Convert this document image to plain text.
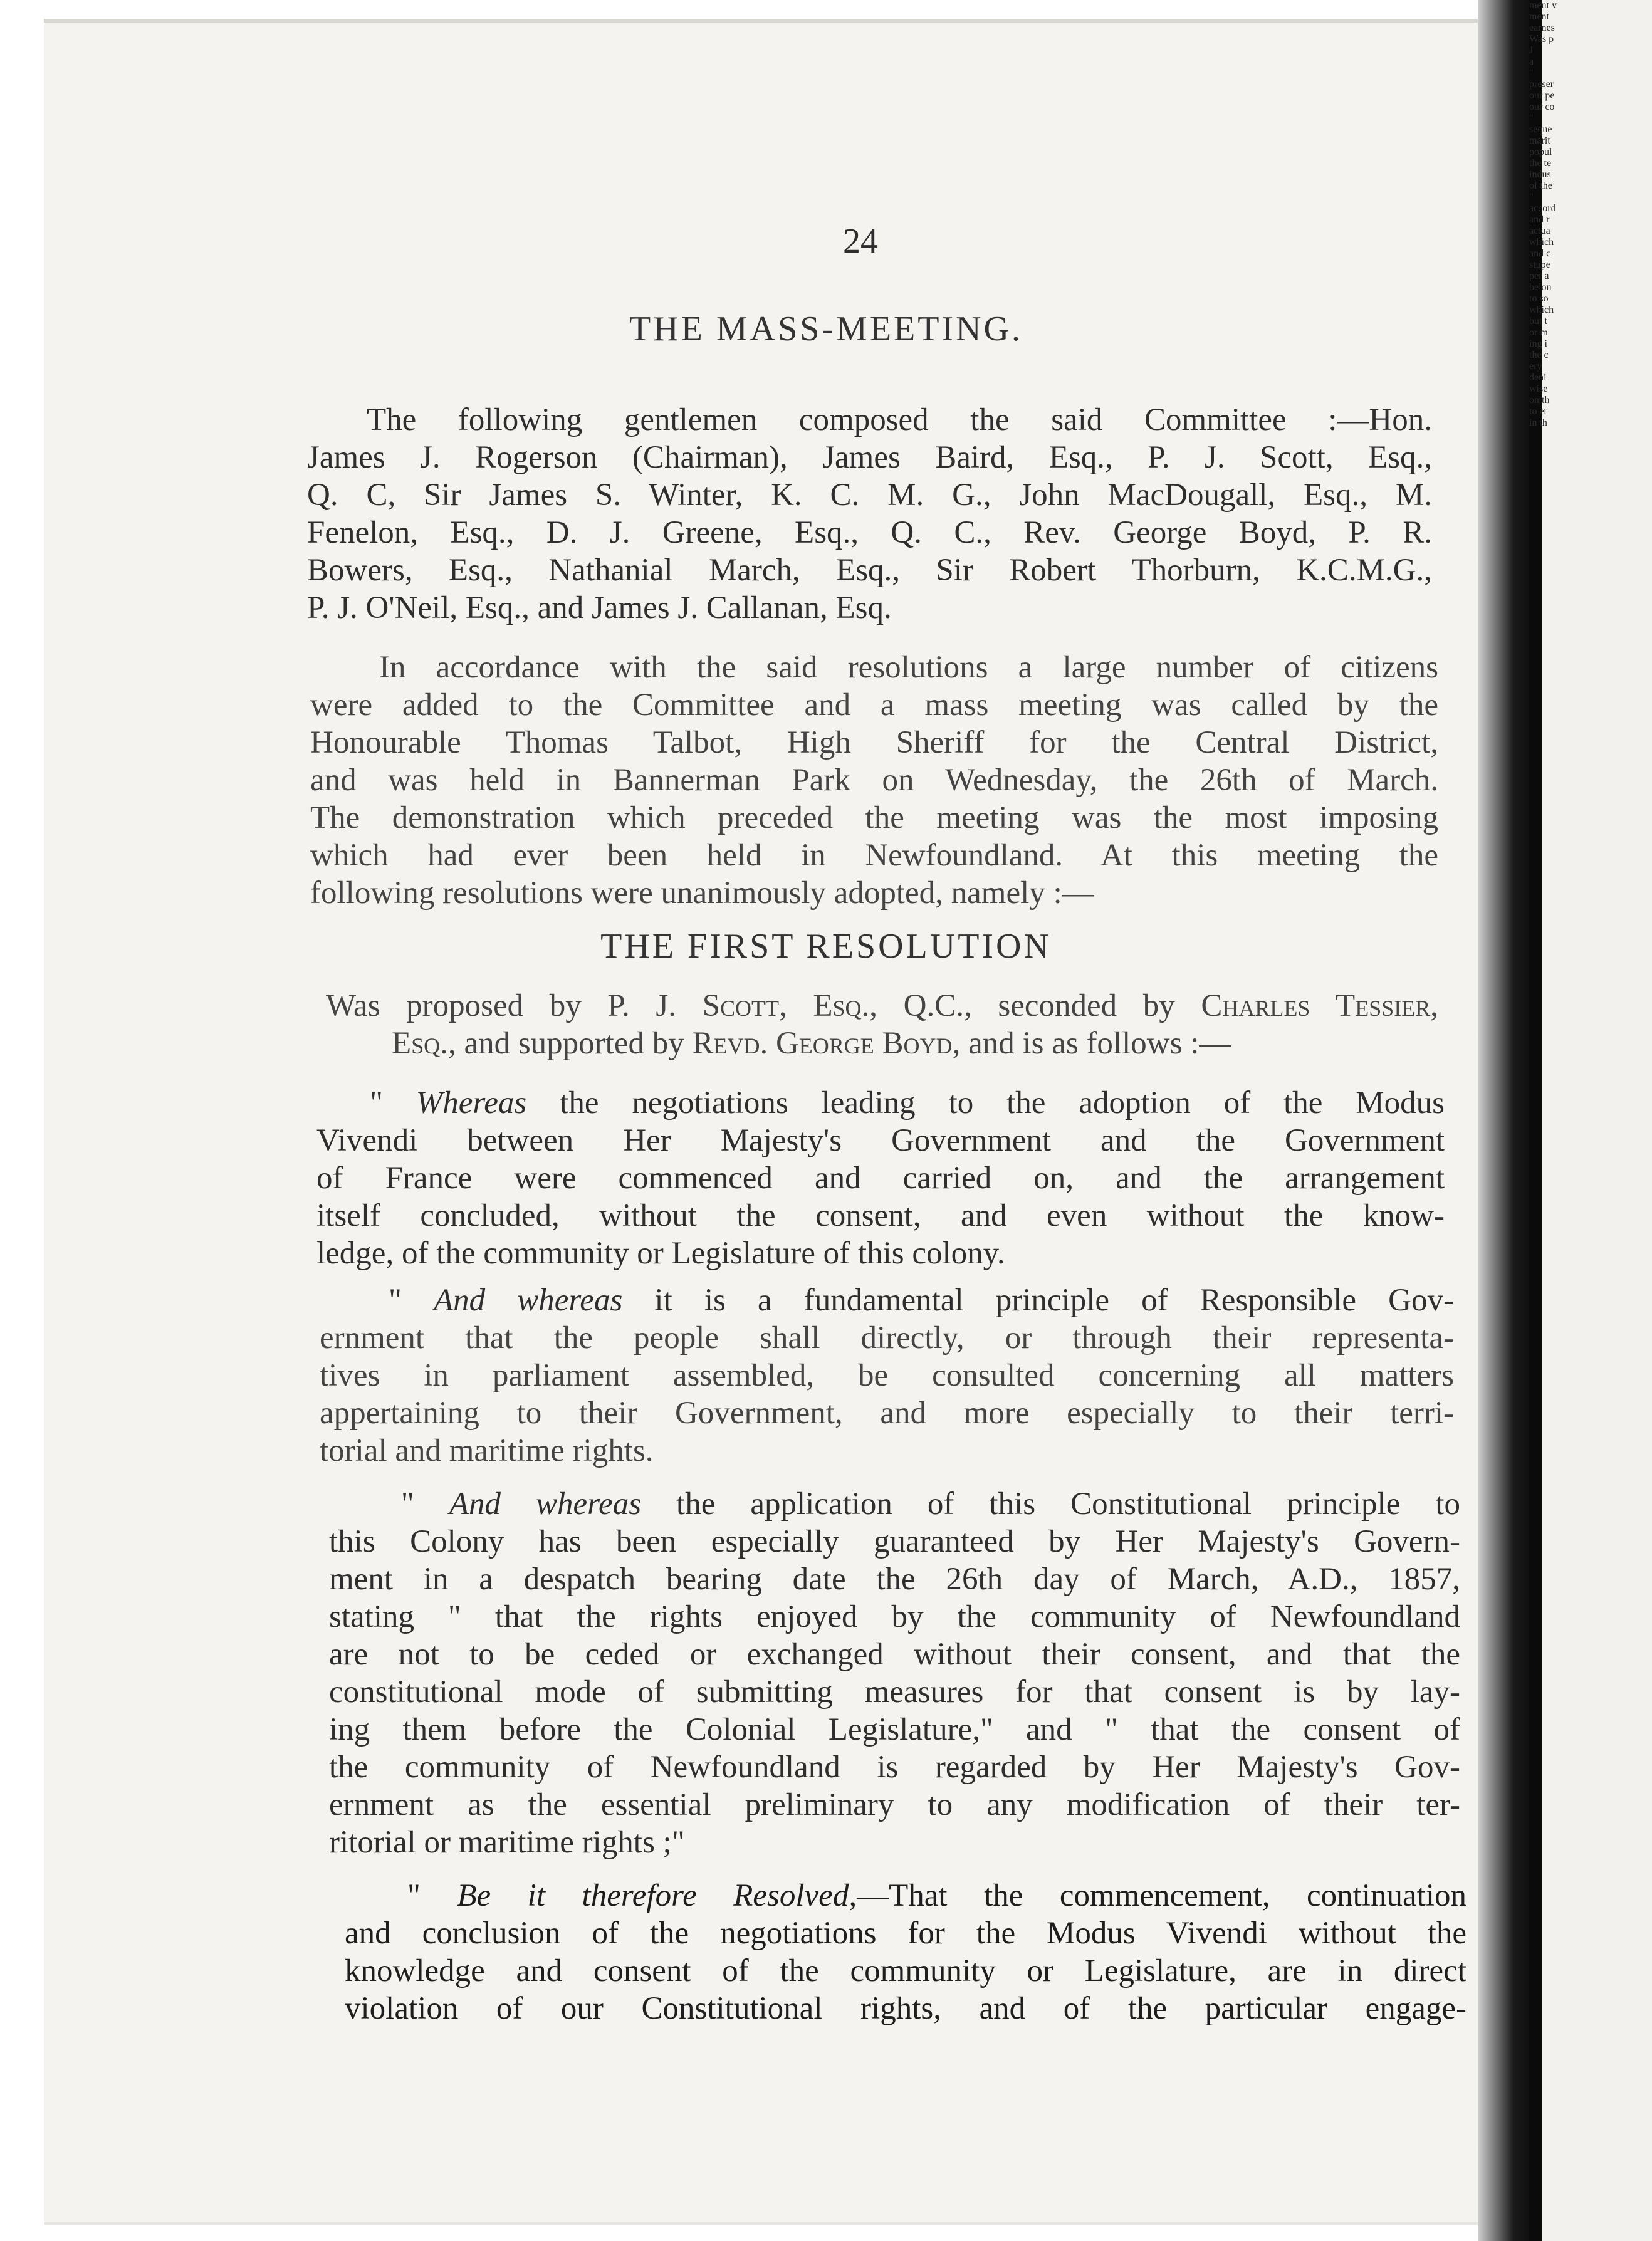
24

THE MASS-MEETING.

The following gentlemen composed the said Committee :—Hon.

James J. Rogerson (Chairman), James Baird, Esq., P. J. Scott, Esq.,

Q. C, Sir James S. Winter, K. C. M. G., John MacDougall, Esq., M.

Fenelon, Esq., D. J. Greene, Esq., Q. C., Rev. George Boyd, P. R.

Bowers, Esq., Nathanial March, Esq., Sir Robert Thorburn, K.C.M.G.,

P. J. O'Neil, Esq., and James J. Callanan, Esq.

In accordance with the said resolutions a large number of citizens

were added to the Committee and a mass meeting was called by the

Honourable Thomas Talbot, High Sheriff for the Central District,

and was held in Bannerman Park on Wednesday, the 26th of March.

The demonstration which preceded the meeting was the most imposing

which had ever been held in Newfoundland. At this meeting the

following resolutions were unanimously adopted, namely :—

THE FIRST RESOLUTION

Was proposed by P. J. Scott, Esq., Q.C., seconded by Charles Tessier,

Esq., and supported by Revd. George Boyd, and is as follows :—

" Whereas the negotiations leading to the adoption of the Modus

Vivendi between Her Majesty's Government and the Government

of France were commenced and carried on, and the arrangement

itself concluded, without the consent, and even without the know-

ledge, of the community or Legislature of this colony.

" And whereas it is a fundamental principle of Responsible Gov-

ernment that the people shall directly, or through their representa-

tives in parliament assembled, be consulted concerning all matters

appertaining to their Government, and more especially to their terri-

torial and maritime rights.

" And whereas the application of this Constitutional principle to

this Colony has been especially guaranteed by Her Majesty's Govern-

ment in a despatch bearing date the 26th day of March, A.D., 1857,

stating " that the rights enjoyed by the community of Newfoundland

are not to be ceded or exchanged without their consent, and that the

constitutional mode of submitting measures for that consent is by lay-

ing them before the Colonial Legislature," and " that the consent of

the community of Newfoundland is regarded by Her Majesty's Gov-

ernment as the essential preliminary to any modification of their ter-

ritorial or maritime rights ;"

" Be it therefore Resolved,—That the commencement, continuation

and conclusion of the negotiations for the Modus Vivendi without the

knowledge and consent of the community or Legislature, are in direct

violation of our Constitutional rights, and of the particular engage-

ment v
ment
earnes
Was p
J
a
"
preser
our pe
our co
"
seque
marit
popul
the te
indus
of the
"
accord
and r
actua
which
and c
stupe
per a
belon
to so
which
but t
or m
ing i
the c
ery
deni
wise
on th
to er
in th
